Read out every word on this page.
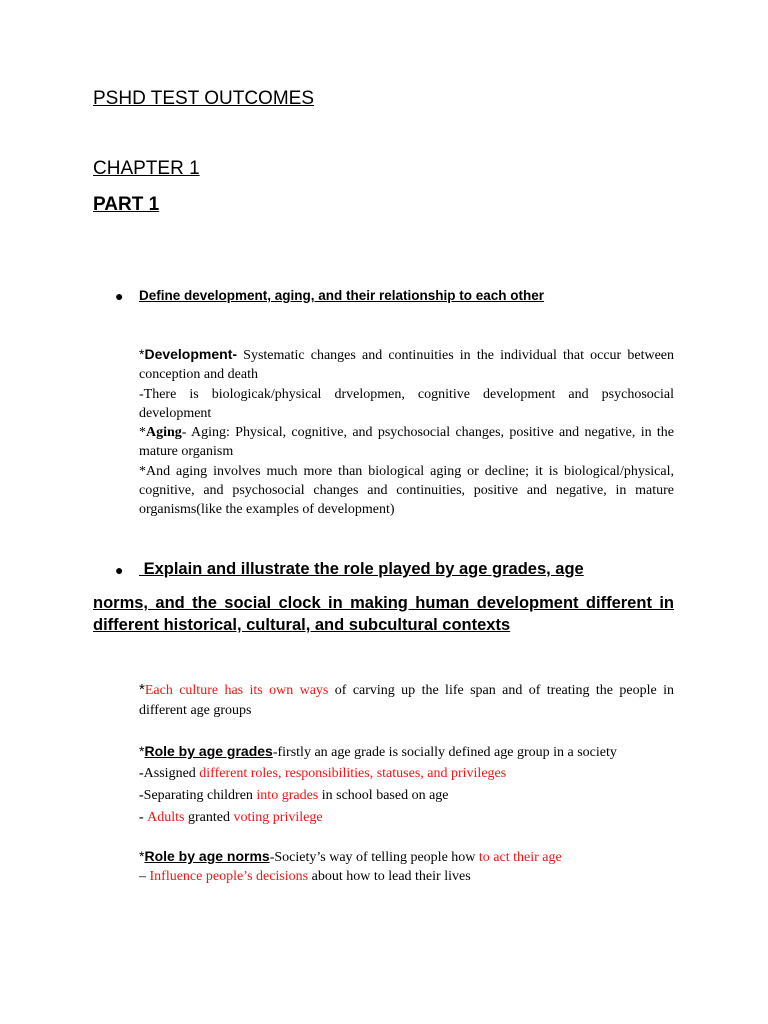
PSHD TEST OUTCOMES
CHAPTER 1
PART 1
● Define development, aging, and their relationship to each other

*Development- Systematic changes and continuities in the individual that occur between conception and death

-There is biologicak/physical drvelopmen, cognitive development and psychosocial development

*Aging- Aging: Physical, cognitive, and psychosocial changes, positive and negative, in the mature organism

*And aging involves much more than biological aging or decline; it is biological/physical, cognitive, and psychosocial changes and continuities, positive and negative, in mature organisms(like the examples of development)

● Explain and illustrate the role played by age grades, age
norms, and the social clock in making human development different in different historical, cultural, and subcultural contexts

*Each culture has its own ways of carving up the life span and of treating the people in different age groups

*Role by age grades-firstly an age grade is socially defined age group in a society

-Assigned different roles, responsibilities, statuses, and privileges

-Separating children into grades in school based on age

- Adults granted voting privilege

*Role by age norms-Society’s way of telling people how to act their age

– Influence people’s decisions about how to lead their lives
